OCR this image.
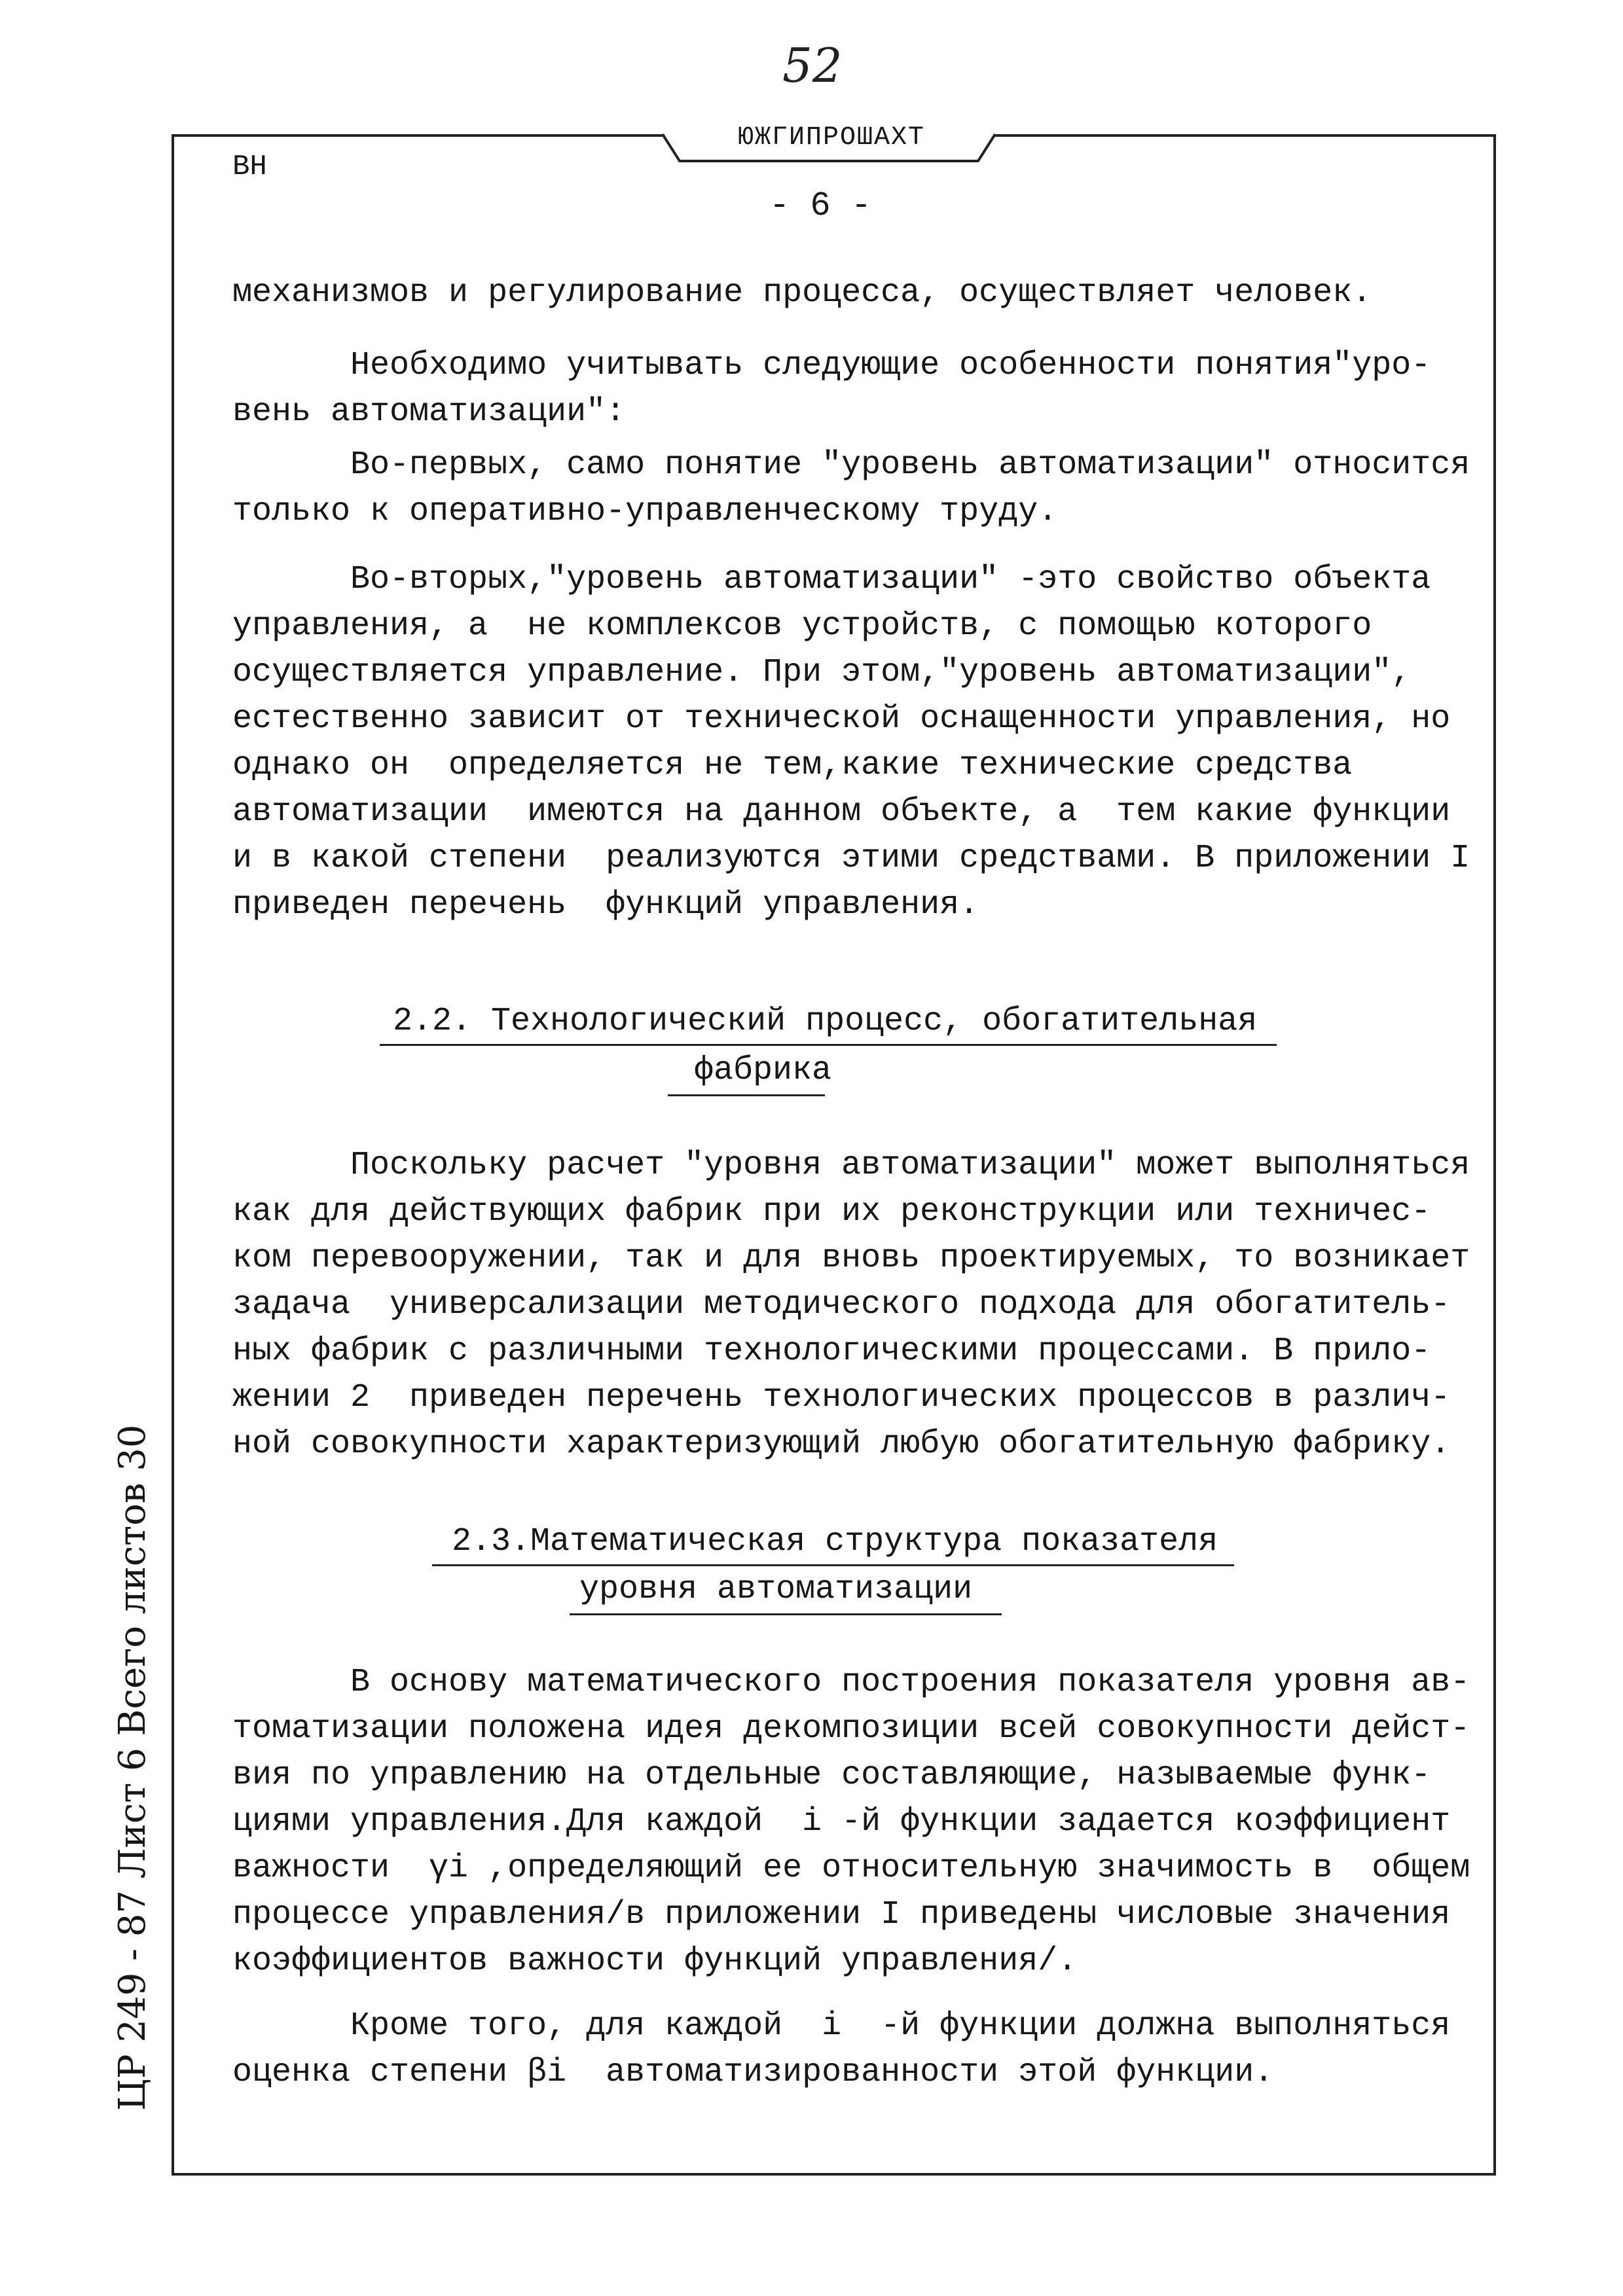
52
ЮЖГИПРОШАХТ
ВН
- 6 -
механизмов и регулирование процесса, осуществляет человек.
Необходимо учитывать следующие особенности понятия"уро-
вень автоматизации":
Во-первых, само понятие "уровень автоматизации" относится
только к оперативно-управленческому труду.
Во-вторых,"уровень автоматизации" -это свойство объекта
управления, а  не комплексов устройств, с помощью которого
осуществляется управление. При этом,"уровень автоматизации",
естественно зависит от технической оснащенности управления, но
однако он  определяется не тем,какие технические средства
автоматизации  имеются на данном объекте, а  тем какие функции
и в какой степени  реализуются этими средствами. В приложении I
приведен перечень  функций управления.
2.2. Технологический процесс, обогатительная
фабрика
Поскольку расчет "уровня автоматизации" может выполняться
как для действующих фабрик при их реконструкции или техничес-
ком перевооружении, так и для вновь проектируемых, то возникает
задача  универсализации методического подхода для обогатитель-
ных фабрик с различными технологическими процессами. В прило-
жении 2  приведен перечень технологических процессов в различ-
ной совокупности характеризующий любую обогатительную фабрику.
2.3.Математическая структура показателя
уровня автоматизации
В основу математического построения показателя уровня ав-
томатизации положена идея декомпозиции всей совокупности дейст-
вия по управлению на отдельные составляющие, называемые функ-
циями управления.Для каждой  i -й функции задается коэффициент
важности  γi ,определяющий ее относительную значимость в  общем
процессе управления/в приложении I приведены числовые значения
коэффициентов важности функций управления/.
Кроме того, для каждой  i  -й функции должна выполняться
оценка степени βi  автоматизированности этой функции.
ЦР 249 - 87 Лист 6 Всего листов 30
